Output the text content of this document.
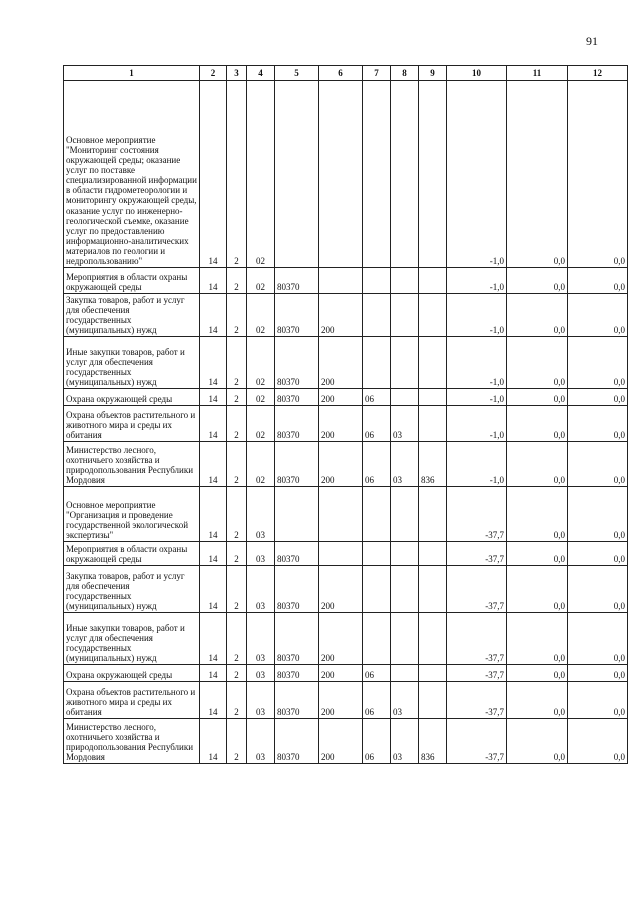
91
1	2	3	4	5	6	7	8	9	10	11	12
Основное мероприятие "Мониторинг состояния окружающей среды; оказание услуг по поставке специализированной информации в области гидрометеорологии и мониторингу окружающей среды, оказание услуг по инженерно-геологической съемке, оказание услуг по предоставлению информационно-аналитических материалов по геологии и недропользованию"	14	2	02						-1,0	0,0	0,0
Мероприятия в области охраны окружающей среды	14	2	02	80370					-1,0	0,0	0,0
Закупка товаров, работ и услуг для обеспечения государственных (муниципальных) нужд	14	2	02	80370	200				-1,0	0,0	0,0
Иные закупки товаров, работ и услуг для обеспечения государственных (муниципальных) нужд	14	2	02	80370	200				-1,0	0,0	0,0
Охрана окружающей среды	14	2	02	80370	200	06			-1,0	0,0	0,0
Охрана объектов растительного и животного мира и среды их обитания	14	2	02	80370	200	06	03		-1,0	0,0	0,0
Министерство лесного, охотничьего хозяйства и природопользования Республики Мордовия	14	2	02	80370	200	06	03	836	-1,0	0,0	0,0
Основное мероприятие "Организация и проведение государственной экологической экспертизы"	14	2	03						-37,7	0,0	0,0
Мероприятия в области охраны окружающей среды	14	2	03	80370					-37,7	0,0	0,0
Закупка товаров, работ и услуг для обеспечения государственных (муниципальных) нужд	14	2	03	80370	200				-37,7	0,0	0,0
Иные закупки товаров, работ и услуг для обеспечения государственных (муниципальных) нужд	14	2	03	80370	200				-37,7	0,0	0,0
Охрана окружающей среды	14	2	03	80370	200	06			-37,7	0,0	0,0
Охрана объектов растительного и животного мира и среды их обитания	14	2	03	80370	200	06	03		-37,7	0,0	0,0
Министерство лесного, охотничьего хозяйства и природопользования Республики Мордовия	14	2	03	80370	200	06	03	836	-37,7	0,0	0,0
